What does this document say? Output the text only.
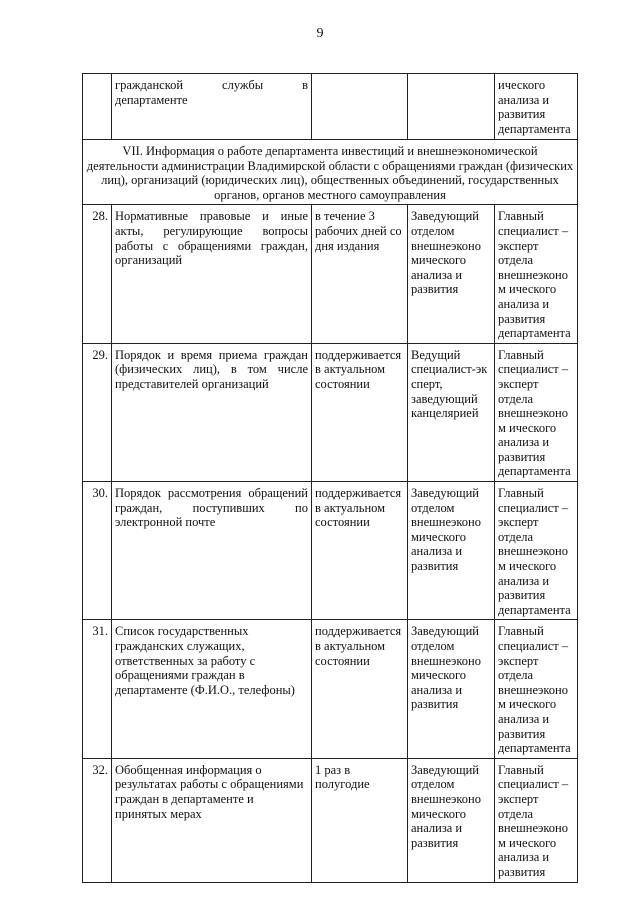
9
	гражданской службы в департаменте			ического анализа и развития департамента
VII. Информация о работе департамента инвестиций и внешнеэкономической деятельности администрации Владимирской области с обращениями граждан (физических лиц), организаций (юридических лиц), общественных объединений, государственных органов, органов местного самоуправления				
28.	Нормативные правовые и иные акты, регулирующие вопросы работы с обращениями граждан, организаций	в течение 3 рабочих дней со дня издания	Заведующий отделом внешнеэконо мического анализа и развития	Главный специалист – эксперт отдела внешнеэконом ического анализа и развития департамента
29.	Порядок и время приема граждан (физических лиц), в том числе представителей организаций	поддерживается в актуальном состоянии	Ведущий специалист-эк сперт, заведующий канцелярией	Главный специалист – эксперт отдела внешнеэконом ического анализа и развития департамента
30.	Порядок рассмотрения обращений граждан, поступивших по электронной почте	поддерживается в актуальном состоянии	Заведующий отделом внешнеэконо мического анализа и развития	Главный специалист – эксперт отдела внешнеэконом ического анализа и развития департамента
31.	Список государственных гражданских служащих, ответственных за работу с обращениями граждан в департаменте (Ф.И.О., телефоны)	поддерживается в актуальном состоянии	Заведующий отделом внешнеэконо мического анализа и развития	Главный специалист – эксперт отдела внешнеэконом ического анализа и развития департамента
32.	Обобщенная информация о результатах работы с обращениями граждан в департаменте и принятых мерах	1 раз в полугодие	Заведующий отделом внешнеэконо мического анализа и развития	Главный специалист – эксперт отдела внешнеэконом ического анализа и развития
